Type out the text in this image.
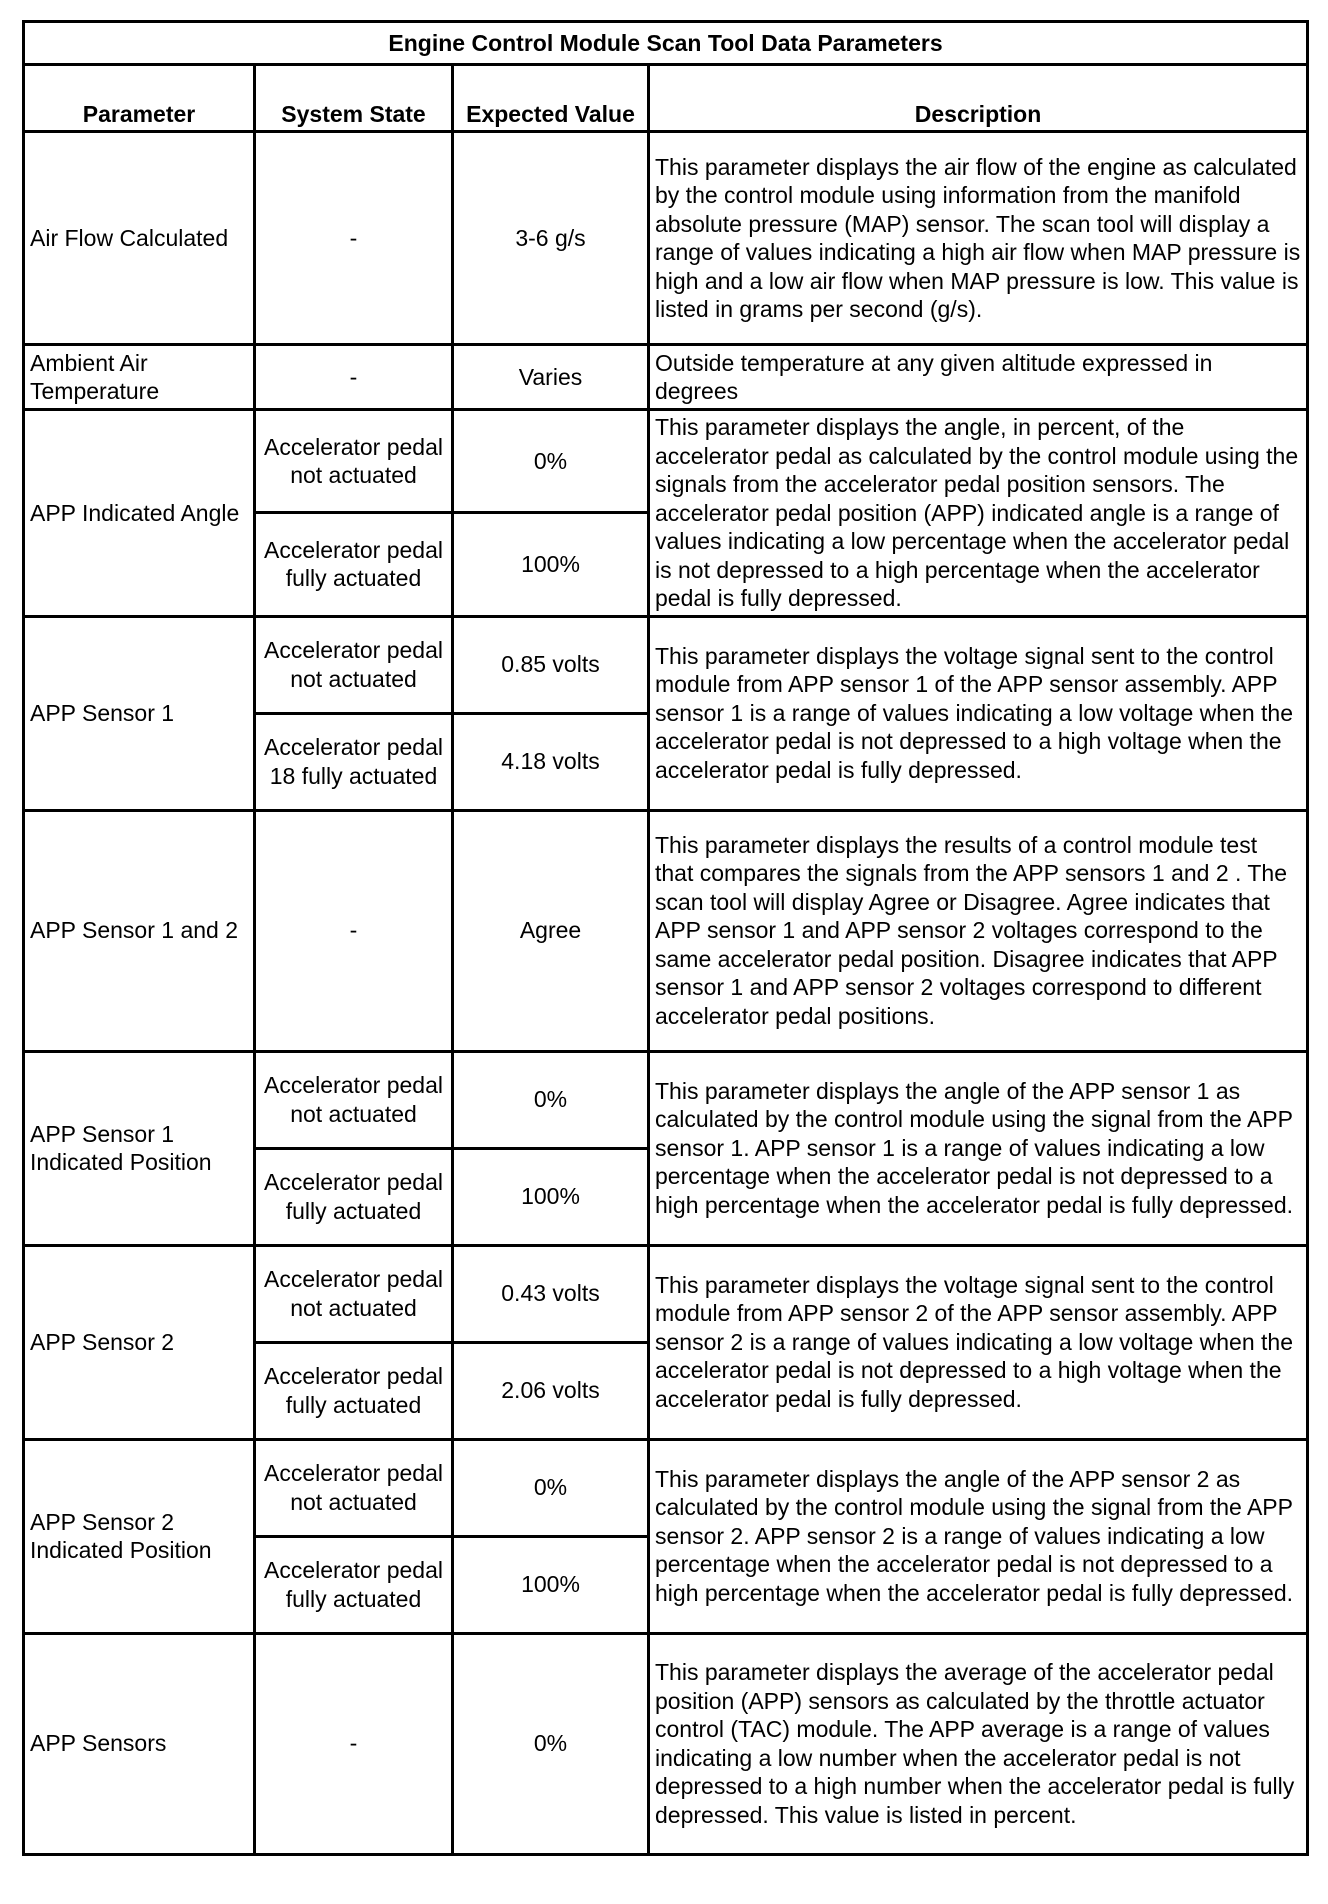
Engine Control Module Scan Tool Data Parameters			
Parameter	System State	Expected Value	Description
Air Flow Calculated	-	3-6 g/s	This parameter displays the air flow of the engine as calculated by the control module using information from the manifold absolute pressure (MAP) sensor. The scan tool will display a range of values indicating a high air flow when MAP pressure is high and a low air flow when MAP pressure is low. This value is listed in grams per second (g/s).
Ambient Air Temperature	-	Varies	Outside temperature at any given altitude expressed in degrees
APP Indicated Angle	Accelerator pedal not actuated	0%	This parameter displays the angle, in percent, of the accelerator pedal as calculated by the control module using the signals from the accelerator pedal position sensors. The accelerator pedal position (APP) indicated angle is a range of values indicating a low percentage when the accelerator pedal is not depressed to a high percentage when the accelerator pedal is fully depressed.
	Accelerator pedal fully actuated	100%	
APP Sensor 1	Accelerator pedal not actuated	0.85 volts	This parameter displays the voltage signal sent to the control module from APP sensor 1 of the APP sensor assembly. APP sensor 1 is a range of values indicating a low voltage when the accelerator pedal is not depressed to a high voltage when the accelerator pedal is fully depressed.
	Accelerator pedal 18 fully actuated	4.18 volts	
APP Sensor 1 and 2	-	Agree	This parameter displays the results of a control module test that compares the signals from the APP sensors 1 and 2 . The scan tool will display Agree or Disagree. Agree indicates that APP sensor 1 and APP sensor 2 voltages correspond to the same accelerator pedal position. Disagree indicates that APP sensor 1 and APP sensor 2 voltages correspond to different accelerator pedal positions.
APP Sensor 1 Indicated Position	Accelerator pedal not actuated	0%	This parameter displays the angle of the APP sensor 1 as calculated by the control module using the signal from the APP sensor 1. APP sensor 1 is a range of values indicating a low percentage when the accelerator pedal is not depressed to a high percentage when the accelerator pedal is fully depressed.
	Accelerator pedal fully actuated	100%	
APP Sensor 2	Accelerator pedal not actuated	0.43 volts	This parameter displays the voltage signal sent to the control module from APP sensor 2 of the APP sensor assembly. APP sensor 2 is a range of values indicating a low voltage when the accelerator pedal is not depressed to a high voltage when the accelerator pedal is fully depressed.
	Accelerator pedal fully actuated	2.06 volts	
APP Sensor 2 Indicated Position	Accelerator pedal not actuated	0%	This parameter displays the angle of the APP sensor 2 as calculated by the control module using the signal from the APP sensor 2. APP sensor 2 is a range of values indicating a low percentage when the accelerator pedal is not depressed to a high percentage when the accelerator pedal is fully depressed.
	Accelerator pedal fully actuated	100%	
APP Sensors	-	0%	This parameter displays the average of the accelerator pedal position (APP) sensors as calculated by the throttle actuator control (TAC) module. The APP average is a range of values indicating a low number when the accelerator pedal is not depressed to a high number when the accelerator pedal is fully depressed. This value is listed in percent.
